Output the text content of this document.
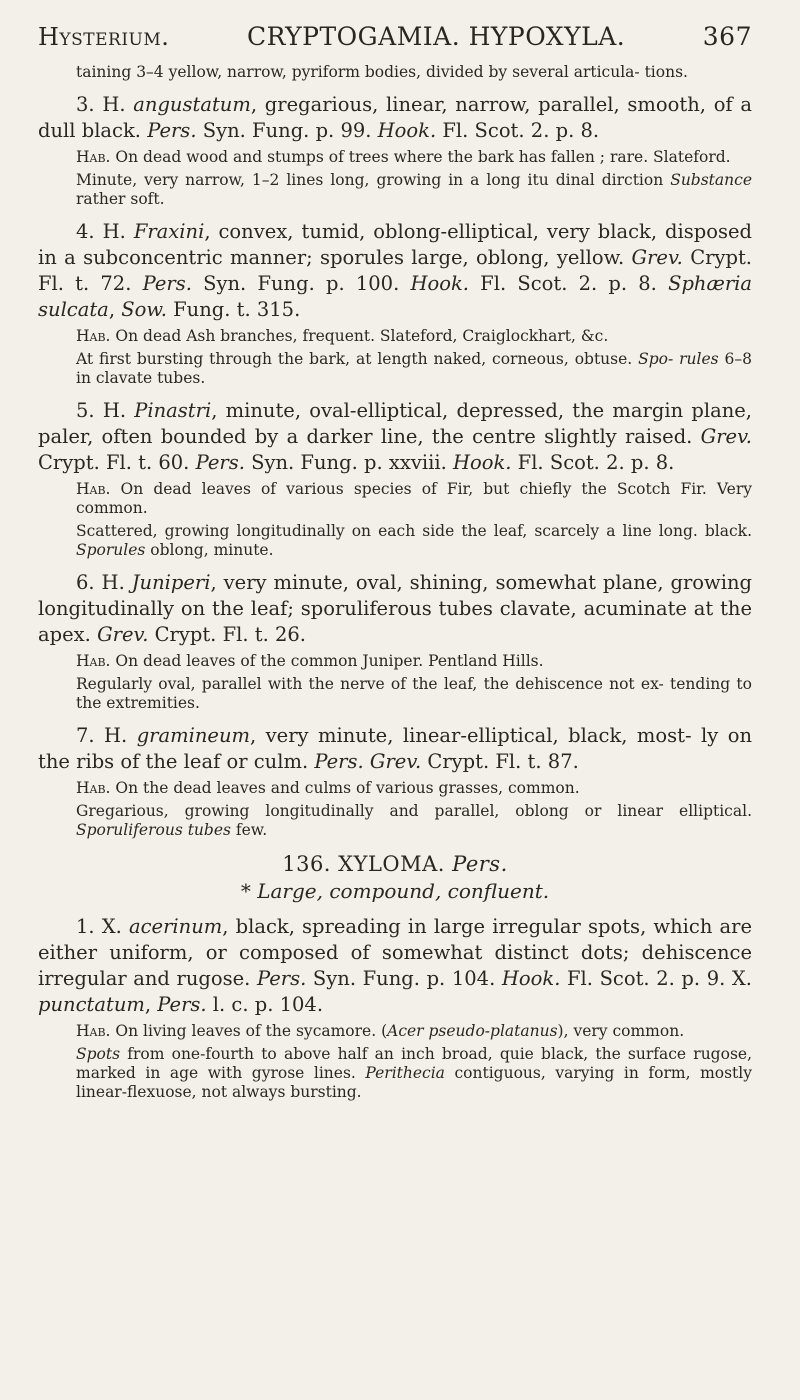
Hysterium.	CRYPTOGAMIA. HYPOXYLA.	367

taining 3–4 yellow, narrow, pyriform bodies, divided by several articula- tions.

3. H. angustatum, gregarious, linear, narrow, parallel, smooth, of a dull black. Pers. Syn. Fung. p. 99. Hook. Fl. Scot. 2. p. 8.

Hab. On dead wood and stumps of trees where the bark has fallen ; rare. Slateford.

Minute, very narrow, 1–2 lines long, growing in a long itu dinal dirction Substance rather soft.

4. H. Fraxini, convex, tumid, oblong-elliptical, very black, disposed in a subconcentric manner; sporules large, oblong, yellow. Grev. Crypt. Fl. t. 72. Pers. Syn. Fung. p. 100. Hook. Fl. Scot. 2. p. 8. Sphæria sulcata, Sow. Fung. t. 315.

Hab. On dead Ash branches, frequent. Slateford, Craiglockhart, &c.

At first bursting through the bark, at length naked, corneous, obtuse. Spo- rules 6–8 in clavate tubes.

5. H. Pinastri, minute, oval-elliptical, depressed, the margin plane, paler, often bounded by a darker line, the centre slightly raised. Grev. Crypt. Fl. t. 60. Pers. Syn. Fung. p. xxviii. Hook. Fl. Scot. 2. p. 8.

Hab. On dead leaves of various species of Fir, but chiefly the Scotch Fir. Very common.

Scattered, growing longitudinally on each side the leaf, scarcely a line long. black. Sporules oblong, minute.

6. H. Juniperi, very minute, oval, shining, somewhat plane, growing longitudinally on the leaf; sporuliferous tubes clavate, acuminate at the apex. Grev. Crypt. Fl. t. 26.

Hab. On dead leaves of the common Juniper. Pentland Hills.

Regularly oval, parallel with the nerve of the leaf, the dehiscence not ex- tending to the extremities.

7. H. gramineum, very minute, linear-elliptical, black, most- ly on the ribs of the leaf or culm. Pers. Grev. Crypt. Fl. t. 87.

Hab. On the dead leaves and culms of various grasses, common.

Gregarious, growing longitudinally and parallel, oblong or linear elliptical. Sporuliferous tubes few.

136. XYLOMA. Pers.
* Large, compound, confluent.

1. X. acerinum, black, spreading in large irregular spots, which are either uniform, or composed of somewhat distinct dots; dehiscence irregular and rugose. Pers. Syn. Fung. p. 104. Hook. Fl. Scot. 2. p. 9. X. punctatum, Pers. l. c. p. 104.

Hab. On living leaves of the sycamore. (Acer pseudo-platanus), very common.

Spots from one-fourth to above half an inch broad, quie black, the surface rugose, marked in age with gyrose lines. Perithecia contiguous, varying in form, mostly linear-flexuose, not always bursting.
